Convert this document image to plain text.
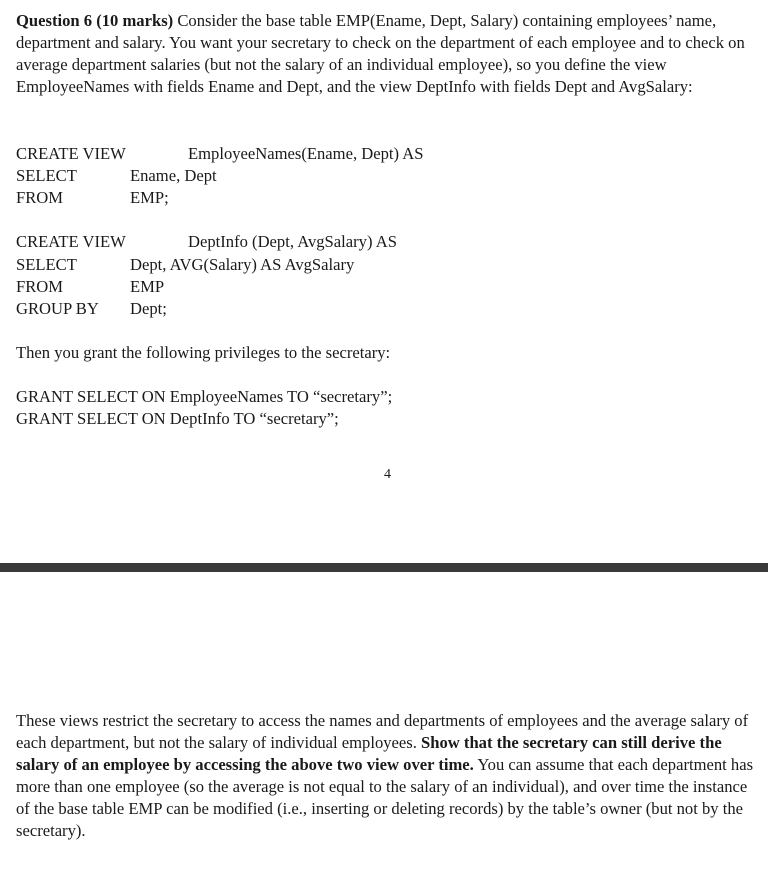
Question 6 (10 marks) Consider the base table EMP(Ename, Dept, Salary) containing employees’ name, department and salary. You want your secretary to check on the department of each employee and to check on average department salaries (but not the salary of an individual employee), so you define the view EmployeeNames with fields Ename and Dept, and the view DeptInfo with fields Dept and AvgSalary:

CREATE VIEW	EmployeeNames(Ename, Dept) AS
SELECT	Ename, Dept
FROM	EMP;
CREATE VIEW	DeptInfo (Dept, AvgSalary) AS
SELECT	Dept, AVG(Salary) AS AvgSalary
FROM	EMP
GROUP BY Dept;

Then you grant the following privileges to the secretary:

GRANT SELECT ON EmployeeNames TO “secretary”;
GRANT SELECT ON DeptInfo TO “secretary”;
4

These views restrict the secretary to access the names and departments of employees and the average salary of each department, but not the salary of individual employees. Show that the secretary can still derive the salary of an employee by accessing the above two view over time. You can assume that each department has more than one employee (so the average is not equal to the salary of an individual), and over time the instance of the base table EMP can be modified (i.e., inserting or deleting records) by the table’s owner (but not by the secretary).
